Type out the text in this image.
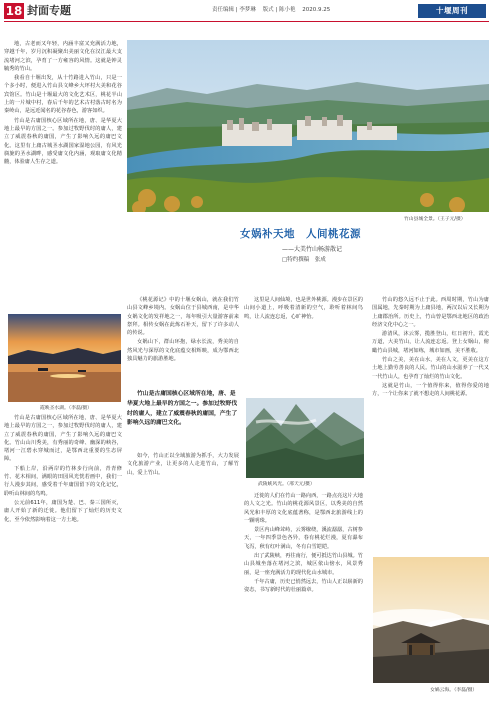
18 封面专题	责任编辑 | 李梦琳 版式 | 陈小艳 2020.9.25	十堰周刊
竹山县城全景。（王子元/摄）
女娲补天地　人间桃花源
——大美竹山畅游散记
□特约撰稿　张成

地，古老而又年轻，内涵丰富又充满活力地，穿越千年，岁月沉积凝聚出美丽文化在汉江最大支流堵河之滨，孕育了一方雍容的风情。这就是钟灵毓秀的竹山。

我看自十堰出发，从十竹路进入竹山，只是一个多小时，便进入竹山县文峰乡大坪村大美和花谷宾馆区。竹山是十堰最大的文化艺术区，桃花半山上的一片城中村，春后千年的艺术古村落古时名为秦岭山，是远近闻名的花谷春色，游客如织。

竹山是古庸国核心区域所在地，唐、是华夏大地上最早的方国之一。参加过牧野伐纣的庸人，建立了威震春秋的庸国，产生了影响久远的庸巴文化。这里有上庸古城圣水湖国家湿地公园，有风光旖旎的圣水湖畔，感受庸文化内涵，观取庸文化精髓，体验庸人生存之道。

霞映圣水湖。（李磊/摄）

竹山是古庸国核心区域所在地，唐、是华夏大地上最早的方国之一，参加过牧野伐纣的庸人，建立了威震春秋的庸国，产生了影响久远的庸巴文化。竹山山川秀美，有秀丽的奇峰、幽深的峡谷，堵河一江碧水穿城而过，是鄂西北重要的生态屏障。

下船上岸，沿两岸的竹林步行向前，青青修竹、花木相间，满眼的田园风光恍若画中，我们一行人漫步其间，感受着千年庸国留下的文化记忆，聆听山林间的鸟鸣。

公元前611年，庸国为楚、巴、秦三国所灭，庸人开始了新的迁徙。他们留下了灿烂的历史文化，至今依然影响着这一方土地。

《桃花源记》中的十堰女娲山，就在我们竹山县文峰乡境内。女娲山位于县城西南，是中华女娲文化的发祥地之一，每年吸引大量游客前来祭拜。相传女娲在此炼石补天，留下了许多动人的传说。

女娲山下，群山环抱，绿水长流，秀美的自然风光与深厚的文化底蕴交相辉映，成为鄂西北独具魅力的旅游胜地。

竹山是古庸国核心区域所在地，唐、是华夏大地上最早的方国之一。参加过牧野伐纣的庸人，建立了威震春秋的庸国，产生了影响久远的庸巴文化。

如今，竹山正以全域旅游为抓手，大力发展文化旅游产业，让更多的人走进竹山，了解竹山，爱上竹山。

武陵峡风光。（邢天元/摄）

迁徙的人们在竹山一路向西，一路点亮这片大地的人文之光。竹山的桃花源风景区，以秀美的自然风光和丰厚的文化底蕴著称，是鄂西北旅游线上的一颗明珠。

景区内山峰耸峙，云雾缭绕，溪流潺潺，古树参天，一年四季景色各异，春有桃花烂漫，夏有瀑布飞泻，秋有红叶满山，冬有白雪皑皑。

出了武陵峡，再往南行，便可抵达竹山县城。竹山县城坐落在堵河之滨，城区依山傍水，风景秀丽，是一座充满活力的现代化山水城市。

千年古庸，历史已悄然远去，竹山人正以崭新的姿态，书写新时代的壮丽篇章。

这里是人间仙境，也是世外桃源。漫步在景区的山间小道上，呼吸着清新的空气，聆听着林间鸟鸣，让人流连忘返，心旷神怡。

竹山的悠久远不止于此。西周时期，竹山为庸国属地，先秦时期为上庸县地，两汉以后又长期为上庸郡治所。历史上，竹山曾是鄂西北地区的政治经济文化中心之一。

游清风，沐云雾，揽胜登山，红日初升，霞光万道，大美竹山，让人流连忘返。登上女娲山，俯瞰竹山县城，堵河如练，城市如画，美不胜收。

竹山之美，美在山水，美在人文，更美在这方土地上勤劳善良的人民。竹山的山水滋养了一代又一代竹山人，也孕育了灿烂的竹山文化。

这就是竹山，一个值得你来，值得你爱的地方，一个让你来了就不想走的人间桃花源。

女娲云海。（李磊/摄）
